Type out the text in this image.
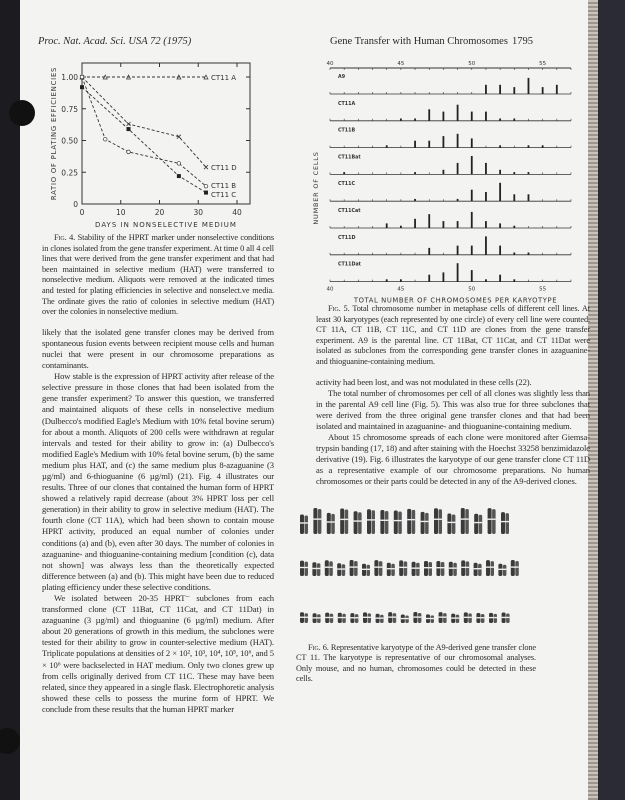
Proc. Nat. Acad. Sci. USA 72 (1975)	Gene Transfer with Human Chromosomes 1795
0	10	20	30	40
0
0.25
0.50
0.75
1.00
DAYS IN NONSELECTIVE MEDIUM
RATIO OF PLATING EFFICIENCIES	CT11 A
CT11 D
CT11 B
CT11 C
40	45	50	55
A9
CT11A
CT11B
CT11Bat
CT11C
CT11Cat
CT11D
CT11Dat
40	45	50	55
TOTAL NUMBER OF CHROMOSOMES PER KARYOTYPE
NUMBER OF CELLS

Fig. 4. Stability of the HPRT marker under nonselective conditions in clones isolated from the gene transfer experiment. At time 0 all 4 cell lines that were derived from the gene transfer experiment and that had been maintained in selective medium (HAT) were transferred to nonselective medium. Aliquots were removed at the indicated times and tested for plating efficiencies in selective and nonselect.ve media. The ordinate gives the ratio of colonies in selective medium (HAT) over the colonies in nonselective medium.

likely that the isolated gene transfer clones may be derived from spontaneous fusion events between recipient mouse cells and human nuclei that were present in our chromosome preparations as contaminants.

How stable is the expression of HPRT activity after release of the selective pressure in those clones that had been isolated from the gene transfer experiment? To answer this question, we transferred and maintained aliquots of these cells in nonselective medium (Dulbecco's modified Eagle's Medium with 10% fetal bovine serum) for about a month. Aliquots of 200 cells were withdrawn at regular intervals and tested for their ability to grow in: (a) Dulbecco's modified Eagle's Medium with 10% fetal bovine serum, (b) the same medium plus HAT, and (c) the same medium plus 8-azaguanine (3 µg/ml) and 6-thioguanine (6 µg/ml) (21). Fig. 4 illustrates our results. Three of our clones that contained the human form of HPRT showed a relatively rapid decrease (about 3% HPRT loss per cell generation) in their ability to grow in selective medium (HAT). The fourth clone (CT 11A), which had been shown to contain mouse HPRT activity, produced an equal number of colonies under conditions (a) and (b), even after 30 days. The number of colonies in azaguanine- and thioguanine-containing medium [condition (c), data not shown] was always less than the theoretically expected difference between (a) and (b). This might have been due to reduced plating efficiency under these selective conditions.

We isolated between 20-35 HPRT⁻ subclones from each transformed clone (CT 11Bat, CT 11Cat, and CT 11Dat) in azaguanine (3 µg/ml) and thioguanine (6 µg/ml) medium. After about 20 generations of growth in this medium, the subclones were tested for their ability to grow in counter-selective medium (HAT). Triplicate populations at densities of 2 × 10², 10³, 10⁴, 10⁵, 10⁶, and 5 × 10⁶ were backselected in HAT medium. Only two clones grew up from cells originally derived from CT 11C. These may have been related, since they appeared in a single flask. Electrophoretic analysis showed these cells to possess the murine form of HPRT. We conclude from these results that the human HPRT marker

Fig. 5. Total chromosome number in metaphase cells of different cell lines. At least 30 karyotypes (each represented by one circle) of every cell line were counted. CT 11A, CT 11B, CT 11C, and CT 11D are clones from the gene transfer experiment. A9 is the parental line. CT 11Bat, CT 11Cat, and CT 11Dat were isolated as subclones from the corresponding gene transfer clones in azaguanine- and thioguanine-containing medium.

activity had been lost, and was not modulated in these cells (22).

The total number of chromosomes per cell of all clones was slightly less than in the parental A9 cell line (Fig. 5). This was also true for three subclones that were derived from the three original gene transfer clones and that had been isolated and maintained in azaguanine- and thioguanine-containing medium.

About 15 chromosome spreads of each clone were monitored after Giemsa-trypsin banding (17, 18) and after staining with the Hoechst 33258 benzimidazole derivative (19). Fig. 6 illustrates the karyotype of our gene transfer clone CT 11D as a representative example of our chromosome preparations. No human chromosomes or their parts could be detected in any of the A9-derived clones.

Fig. 6. Representative karyotype of the A9-derived gene transfer clone CT 11. The karyotype is representative of our chromosomal analyses. Only mouse, and no human, chromosomes could be detected in these cells.
